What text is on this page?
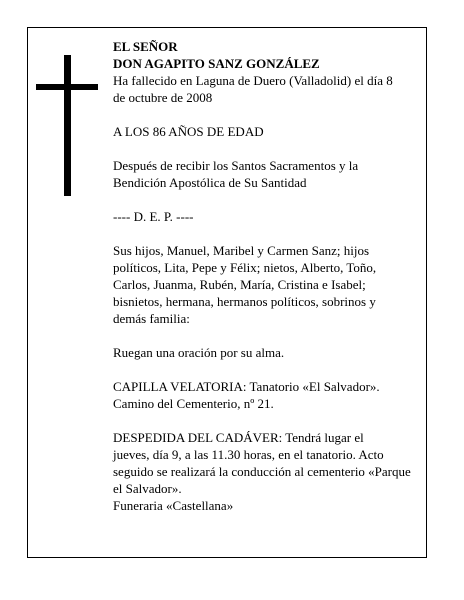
EL SEÑOR
DON AGAPITO SANZ GONZÁLEZ
Ha fallecido en Laguna de Duero (Valladolid) el día 8
de octubre de 2008
A LOS 86 AÑOS DE EDAD
Después de recibir los Santos Sacramentos y la
Bendición Apostólica de Su Santidad
---- D. E. P. ----
Sus hijos, Manuel, Maribel y Carmen Sanz; hijos
políticos, Lita, Pepe y Félix; nietos, Alberto, Toño,
Carlos, Juanma, Rubén, María, Cristina e Isabel;
bisnietos, hermana, hermanos políticos, sobrinos y
demás familia:
Ruegan una oración por su alma.
CAPILLA VELATORIA: Tanatorio «El Salvador».
Camino del Cementerio, nº 21.
DESPEDIDA DEL CADÁVER: Tendrá lugar el
jueves, día 9, a las 11.30 horas, en el tanatorio. Acto
seguido se realizará la conducción al cementerio «Parque
el Salvador».
Funeraria «Castellana»
